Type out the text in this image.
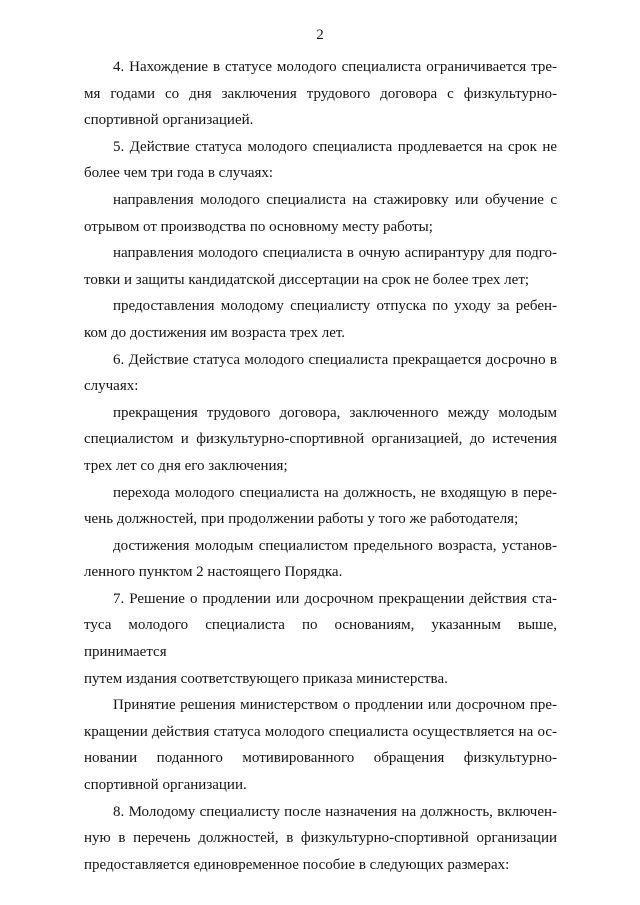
2

4. Нахождение в статусе молодого специалиста ограничивается тре-
мя годами со дня заключения трудового договора с физкультурно-
спортивной организацией.

5. Действие статуса молодого специалиста продлевается на срок не
более чем три года в случаях:

направления молодого специалиста на стажировку или обучение с
отрывом от производства по основному месту работы;

направления молодого специалиста в очную аспирантуру для подго-
товки и защиты кандидатской диссертации на срок не более трех лет;

предоставления молодому специалисту отпуска по уходу за ребен-
ком до достижения им возраста трех лет.

6. Действие статуса молодого специалиста прекращается досрочно в
случаях:

прекращения трудового договора, заключенного между молодым
специалистом и физкультурно-спортивной организацией, до истечения
трех лет со дня его заключения;

перехода молодого специалиста на должность, не входящую в пере-
чень должностей, при продолжении работы у того же работодателя;

достижения молодым специалистом предельного возраста, установ-
ленного пунктом 2 настоящего Порядка.

7. Решение о продлении или досрочном прекращении действия ста-
туса молодого специалиста по основаниям, указанным выше, принимается
путем издания соответствующего приказа министерства.

Принятие решения министерством о продлении или досрочном пре-
кращении действия статуса молодого специалиста осуществляется на ос-
новании поданного мотивированного обращения физкультурно-
спортивной организации.

8. Молодому специалисту после назначения на должность, включен-
ную в перечень должностей, в физкультурно-спортивной организации
предоставляется единовременное пособие в следующих размерах:
